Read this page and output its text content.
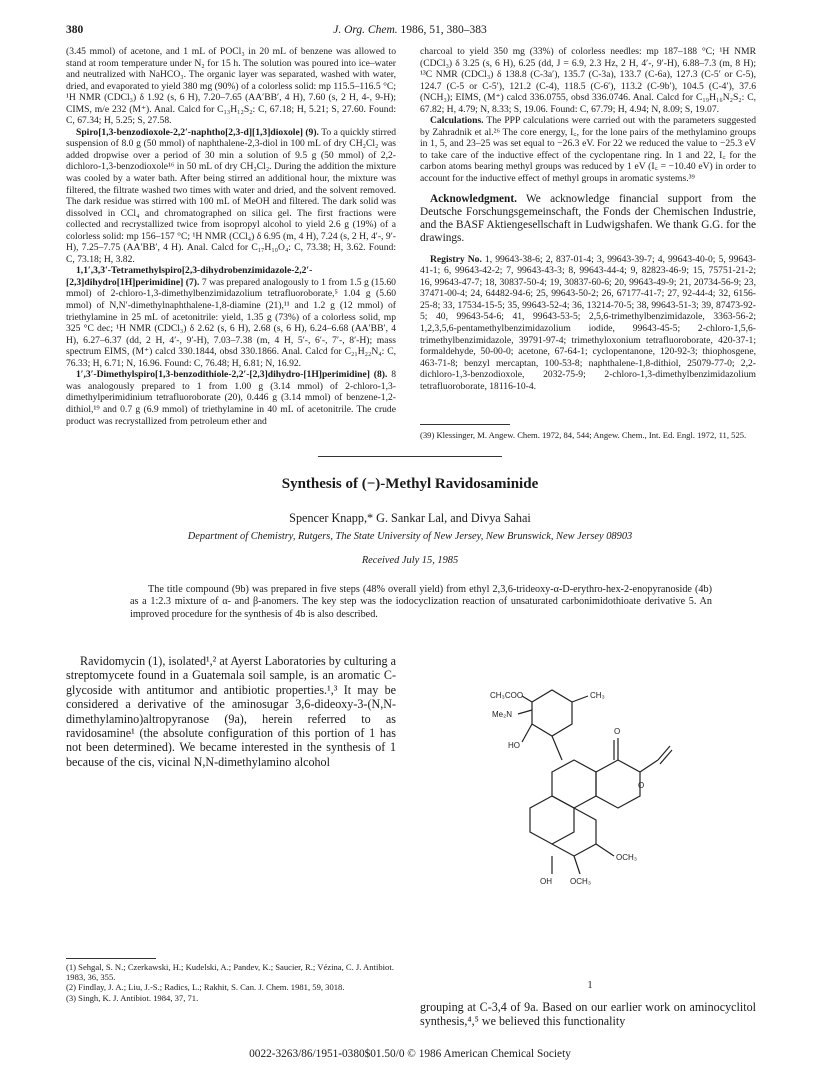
380	J. Org. Chem. 1986, 51, 380–383

(3.45 mmol) of acetone, and 1 mL of POCl₃ in 20 mL of benzene was allowed to stand at room temperature under N₂ for 15 h. The solution was poured into ice–water and neutralized with NaHCO₃. The organic layer was separated, washed with water, dried, and evaporated to yield 380 mg (90%) of a colorless solid: mp 115.5–116.5 °C; ¹H NMR (CDCl₃) δ 1.92 (s, 6 H), 7.20–7.65 (AA′BB′, 4 H), 7.60 (s, 2 H, 4-, 9-H); CIMS, m/e 232 (M⁺). Anal. Calcd for C₁₃H₁₂S₂: C, 67.18; H, 5.21; S, 27.60. Found: C, 67.34; H, 5.25; S, 27.58.

Spiro[1,3-benzodioxole-2,2′-naphtho[2,3-d][1,3]dioxole] (9). To a quickly stirred suspension of 8.0 g (50 mmol) of naphthalene-2,3-diol in 100 mL of dry CH₂Cl₂ was added dropwise over a period of 30 min a solution of 9.5 g (50 mmol) of 2,2-dichloro-1,3-benzodioxole¹⁶ in 50 mL of dry CH₂Cl₂. During the addition the mixture was cooled by a water bath. After being stirred an additional hour, the mixture was filtered, the filtrate washed two times with water and dried, and the solvent removed. The dark residue was stirred with 100 mL of MeOH and filtered. The dark solid was dissolved in CCl₄ and chromatographed on silica gel. The first fractions were collected and recrystallized twice from isopropyl alcohol to yield 2.6 g (19%) of a colorless solid: mp 156–157 °C; ¹H NMR (CCl₄) δ 6.95 (m, 4 H), 7.24 (s, 2 H, 4′-, 9′-H), 7.25–7.75 (AA′BB′, 4 H). Anal. Calcd for C₁₇H₁₀O₄: C, 73.38; H, 3.62. Found: C, 73.18; H, 3.82.

1,1′,3,3′-Tetramethylspiro[2,3-dihydrobenzimidazole-2,2′-[2,3]dihydro[1H]perimidine] (7). 7 was prepared analogously to 1 from 1.5 g (15.60 mmol) of 2-chloro-1,3-dimethylbenzimidazolium tetrafluoroborate,⁵ 1.04 g (5.60 mmol) of N,N′-dimethylnaphthalene-1,8-diamine (21),¹¹ and 1.2 g (12 mmol) of triethylamine in 25 mL of acetonitrile: yield, 1.35 g (73%) of a colorless solid, mp 325 °C dec; ¹H NMR (CDCl₃) δ 2.62 (s, 6 H), 2.68 (s, 6 H), 6.24–6.68 (AA′BB′, 4 H), 6.27–6.37 (dd, 2 H, 4′-, 9′-H), 7.03–7.38 (m, 4 H, 5′-, 6′-, 7′-, 8′-H); mass spectrum EIMS, (M⁺) calcd 330.1844, obsd 330.1866. Anal. Calcd for C₂₁H₂₂N₄: C, 76.33; H, 6.71; N, 16.96. Found: C, 76.48; H, 6.81; N, 16.92.

1′,3′-Dimethylspiro[1,3-benzodithiole-2,2′-[2,3]dihydro-[1H]perimidine] (8). 8 was analogously prepared to 1 from 1.00 g (3.14 mmol) of 2-chloro-1,3-dimethylperimidinium tetrafluoroborate (20), 0.446 g (3.14 mmol) of benzene-1,2-dithiol,¹⁹ and 0.7 g (6.9 mmol) of triethylamine in 40 mL of acetonitrile. The crude product was recrystallized from petroleum ether and

charcoal to yield 350 mg (33%) of colorless needles: mp 187–188 °C; ¹H NMR (CDCl₃) δ 3.25 (s, 6 H), 6.25 (dd, J = 6.9, 2.3 Hz, 2 H, 4′-, 9′-H), 6.88–7.3 (m, 8 H); ¹³C NMR (CDCl₃) δ 138.8 (C-3a′), 135.7 (C-3a), 133.7 (C-6a), 127.3 (C-5′ or C-5), 124.7 (C-5 or C-5′), 121.2 (C-4), 118.5 (C-6′), 113.2 (C-9b′), 104.5 (C-4′), 37.6 (NCH₃); EIMS, (M⁺) calcd 336.0755, obsd 336.0746. Anal. Calcd for C₁₉H₁₆N₂S₂: C, 67.82; H, 4.79; N, 8.33; S, 19.06. Found: C, 67.79; H, 4.94; N, 8.09; S, 19.07.

Calculations. The PPP calculations were carried out with the parameters suggested by Zahradnik et al.²⁶ The core energy, I꜀, for the lone pairs of the methylamino groups in 1, 5, and 23–25 was set equal to −26.3 eV. For 22 we reduced the value to −25.3 eV to take care of the inductive effect of the cyclopentane ring. In 1 and 22, I꜀ for the carbon atoms bearing methyl groups was reduced by 1 eV (I꜀ = −10.40 eV) in order to account for the inductive effect of methyl groups in aromatic systems.³⁹

Acknowledgment. We acknowledge financial support from the Deutsche Forschungsgemeinschaft, the Fonds der Chemischen Industrie, and the BASF Aktiengesellschaft in Ludwigshafen. We thank G.G. for the drawings.

Registry No. 1, 99643-38-6; 2, 837-01-4; 3, 99643-39-7; 4, 99643-40-0; 5, 99643-41-1; 6, 99643-42-2; 7, 99643-43-3; 8, 99643-44-4; 9, 82823-46-9; 15, 75751-21-2; 16, 99643-47-7; 18, 30837-50-4; 19, 30837-60-6; 20, 99643-49-9; 21, 20734-56-9; 23, 37471-00-4; 24, 64482-94-6; 25, 99643-50-2; 26, 67177-41-7; 27, 92-44-4; 32, 6156-25-8; 33, 17534-15-5; 35, 99643-52-4; 36, 13214-70-5; 38, 99643-51-3; 39, 87473-92-5; 40, 99643-54-6; 41, 99643-53-5; 2,5,6-trimethylbenzimidazole, 3363-56-2; 1,2,3,5,6-pentamethylbenzimidazolium iodide, 99643-45-5; 2-chloro-1,5,6-trimethylbenzimidazole, 39791-97-4; trimethyloxonium tetrafluoroborate, 420-37-1; formaldehyde, 50-00-0; acetone, 67-64-1; cyclopentanone, 120-92-3; thiophosgene, 463-71-8; benzyl mercaptan, 100-53-8; naphthalene-1,8-dithiol, 25079-77-0; 2,2-dichloro-1,3-benzodioxole, 2032-75-9; 2-chloro-1,3-dimethylbenzimidazolium tetrafluoroborate, 18116-10-4.

(39) Klessinger, M. Angew. Chem. 1972, 84, 544; Angew. Chem., Int. Ed. Engl. 1972, 11, 525.

Synthesis of (−)-Methyl Ravidosaminide
Spencer Knapp,* G. Sankar Lal, and Divya Sahai
Department of Chemistry, Rutgers, The State University of New Jersey, New Brunswick, New Jersey 08903
Received July 15, 1985
The title compound (9b) was prepared in five steps (48% overall yield) from ethyl 2,3,6-trideoxy-α-D-erythro-hex-2-enopyranoside (4b) as a 1:2.3 mixture of α- and β-anomers. The key step was the iodocyclization reaction of unsaturated carbonimidothioate derivative 5. An improved procedure for the synthesis of 4b is also described.
Ravidomycin (1), isolated¹,² at Ayerst Laboratories by culturing a streptomycete found in a Guatemala soil sample, is an aromatic C-glycoside with antitumor and antibiotic properties.¹,³ It may be considered a derivative of the aminosugar 3,6-dideoxy-3-(N,N-dimethylamino)altropyranose (9a), herein referred to as ravidosamine¹ (the absolute configuration of this portion of 1 has not been determined). We became interested in the synthesis of 1 because of the cis, vicinal N,N-dimethylamino alcohol
CH₃COO
Me₂N
CH₃
HO
O
O
OCH₃
OH OCH₃
1
grouping at C-3,4 of 9a. Based on our earlier work on aminocyclitol synthesis,⁴,⁵ we believed this functionality

(1) Sehgal, S. N.; Czerkawski, H.; Kudelski, A.; Pandev, K.; Saucier, R.; Vézina, C. J. Antibiot. 1983, 36, 355.

(2) Findlay, J. A.; Liu, J.-S.; Radics, L.; Rakhit, S. Can. J. Chem. 1981, 59, 3018.

(3) Singh, K. J. Antibiot. 1984, 37, 71.

0022-3263/86/1951-0380$01.50/0 © 1986 American Chemical Society
